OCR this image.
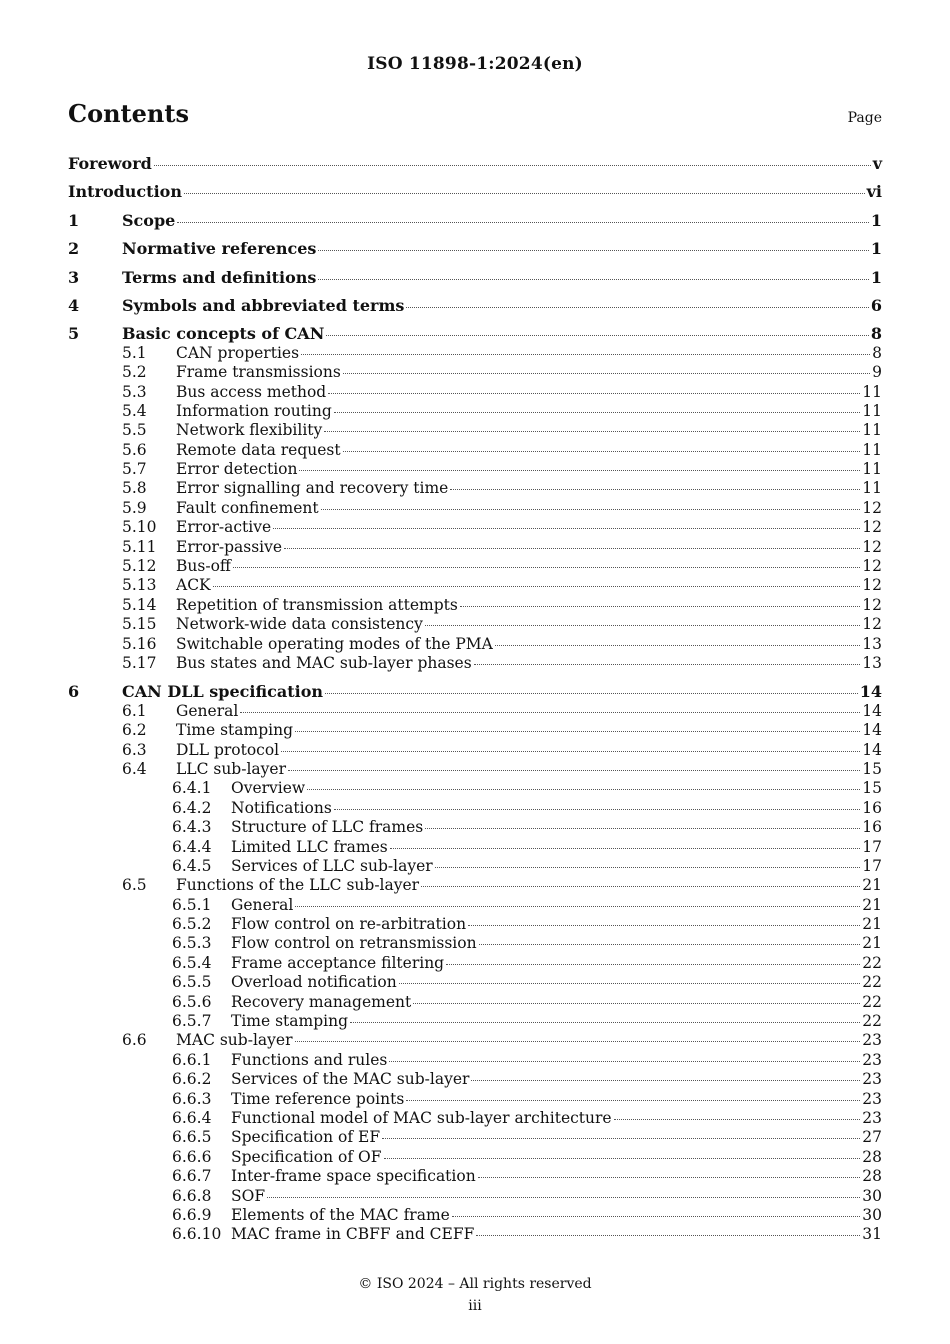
ISO 11898-1:2024(en)
Contents	Page
Foreword	v
Introduction	vi
1	Scope	1
2	Normative references	1
3	Terms and definitions	1
4	Symbols and abbreviated terms	6
5	Basic concepts of CAN	8
5.1	CAN properties	8
5.2	Frame transmissions	9
5.3	Bus access method	11
5.4	Information routing	11
5.5	Network flexibility	11
5.6	Remote data request	11
5.7	Error detection	11
5.8	Error signalling and recovery time	11
5.9	Fault confinement	12
5.10	Error-active	12
5.11	Error-passive	12
5.12	Bus-off	12
5.13	ACK	12
5.14	Repetition of transmission attempts	12
5.15	Network-wide data consistency	12
5.16	Switchable operating modes of the PMA	13
5.17	Bus states and MAC sub-layer phases	13
6	CAN DLL specification	14
6.1	General	14
6.2	Time stamping	14
6.3	DLL protocol	14
6.4	LLC sub-layer	15
6.4.1	Overview	15
6.4.2	Notifications	16
6.4.3	Structure of LLC frames	16
6.4.4	Limited LLC frames	17
6.4.5	Services of LLC sub-layer	17
6.5	Functions of the LLC sub-layer	21
6.5.1	General	21
6.5.2	Flow control on re-arbitration	21
6.5.3	Flow control on retransmission	21
6.5.4	Frame acceptance filtering	22
6.5.5	Overload notification	22
6.5.6	Recovery management	22
6.5.7	Time stamping	22
6.6	MAC sub-layer	23
6.6.1	Functions and rules	23
6.6.2	Services of the MAC sub-layer	23
6.6.3	Time reference points	23
6.6.4	Functional model of MAC sub-layer architecture	23
6.6.5	Specification of EF	27
6.6.6	Specification of OF	28
6.6.7	Inter-frame space specification	28
6.6.8	SOF	30
6.6.9	Elements of the MAC frame	30
6.6.10 MAC frame in CBFF and CEFF	31
© ISO 2024 – All rights reserved
iii
